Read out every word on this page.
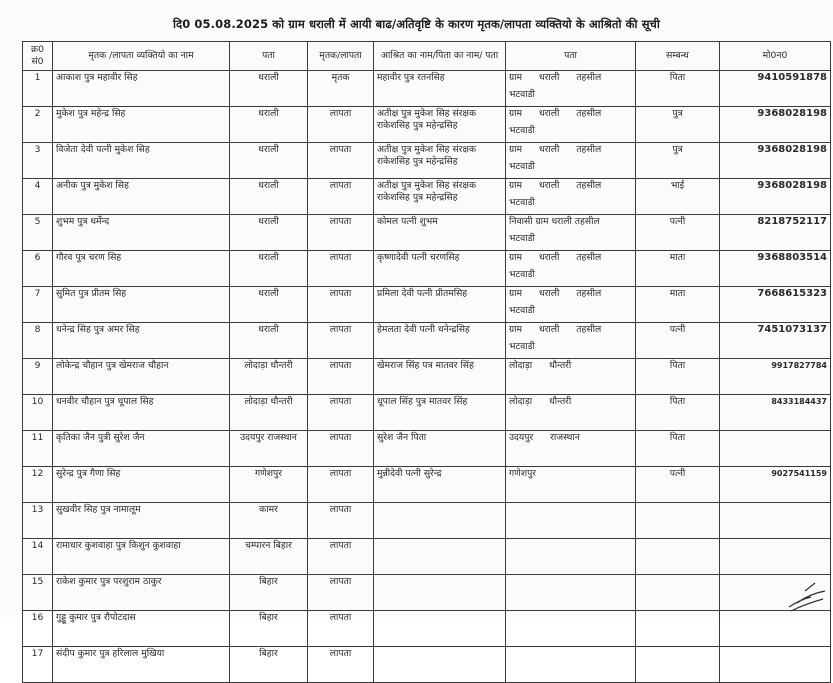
दि0 05.08.2025 को ग्राम धराली में आयी बाढ/अतिवृष्टि के कारण मृतक/लापता व्यक्तियो के आश्रितो की सूची
क्र0 सं0	मृतक /लापता व्यक्तियो का नाम	पता	मृतक/लापता	आश्रित का नाम/पिता का नाम/ पता	पता	सम्बन्ध	मो0न0
1	आकाश पुत्र महावीर सिह	धराली	मृतक	महावीर पुत्र रतनसिह	ग्राम धराली तहसील
भटवाडी	पिता	9410591878
2	मुकेश पुत्र महेन्द्र सिह	धराली	लापता	अतीक्ष पुत्र मुकेश सिह संरक्षक
राकेशसिह पुत्र महेन्द्रसिह	ग्राम धराली तहसील
भटवाडी	पुत्र	9368028198
3	विजेता देवी पत्नी मुकेश सिह	धराली	लापता	अतीक्ष पुत्र मुकेश सिह संरक्षक
राकेशसिह पुत्र महेन्द्रसिह	ग्राम धराली तहसील
भटवाडी	पुत्र	9368028198
4	अनीक पुत्र मुकेश सिह	धराली	लापता	अतीक्ष पुत्र मुकेश सिह संरक्षक
राकेशसिह पुत्र महेन्द्रसिह	ग्राम धराली तहसील
भटवाडी	भाई	9368028198
5	शुभम पुत्र धर्मेन्द	धराली	लापता	कोमल पत्नी शुभम	निवासी ग्राम धराली तहसील
भटवाडी	पत्नी	8218752117
6	गौरव पुत्र चरण सिह	धराली	लापता	कृष्णादेवी पत्नी चरणसिह	ग्राम धराली तहसील
भटवाडी	माता	9368803514
7	सुमित पुत्र प्रीतम सिह	धराली	लापता	प्रमिला देवी पत्नी प्रीतमसिह	ग्राम धराली तहसील
भटवाडी	माता	7668615323
8	धनेन्द्र सिह पुत्र अमर सिह	धराली	लापता	हेमलता देवी पत्नी धनेन्द्रसिह	ग्राम धराली तहसील
भटवाडी	पत्नी	7451073137
9	लोकेन्द्र चौहान पुत्र खेमराज चौहान	लोदाड़ा धौन्तरी	लापता	खेमराज सिंह पत्र मातवर सिंह	लोदाड़ा धौन्तरी	पिता	9917827784
10	धनवीर चौहान पुत्र धूपाल सिह	लोदाड़ा धौन्तरी	लापता	धूपाल सिंह पुत्र मातवर सिंह	लोदाड़ा धौन्तरी	पिता	8433184437
11	कृतिका जैन पुत्री सुरेश जैन	उदयपुर राजस्थान	लापता	सुरेश जैन पिता	उदयपुर राजस्थान	पिता	
12	सुरेन्द्र पुत्र गैणा सिह	गणेशपुर	लापता	मुन्नीदेवी पत्नी सुरेन्द्र	गणेशपुर	पत्नी	9027541159
13	सुखवीर सिह पुत्र नामालूम	कामर	लापता	

14	रामाधार कुशवाहा पुत्र किशुन कुशवाहा	चम्पारन बिहार	लापता	

15	राकेश कुमार पुत्र परशुराम ठाकुर	बिहार	लापता	

16	गुड्डू कुमार पुत्र रौपोटदास	बिहार	लापता	

17	संदीप कुमार पुत्र हरिलाल मुखिया	बिहार	लापता	
